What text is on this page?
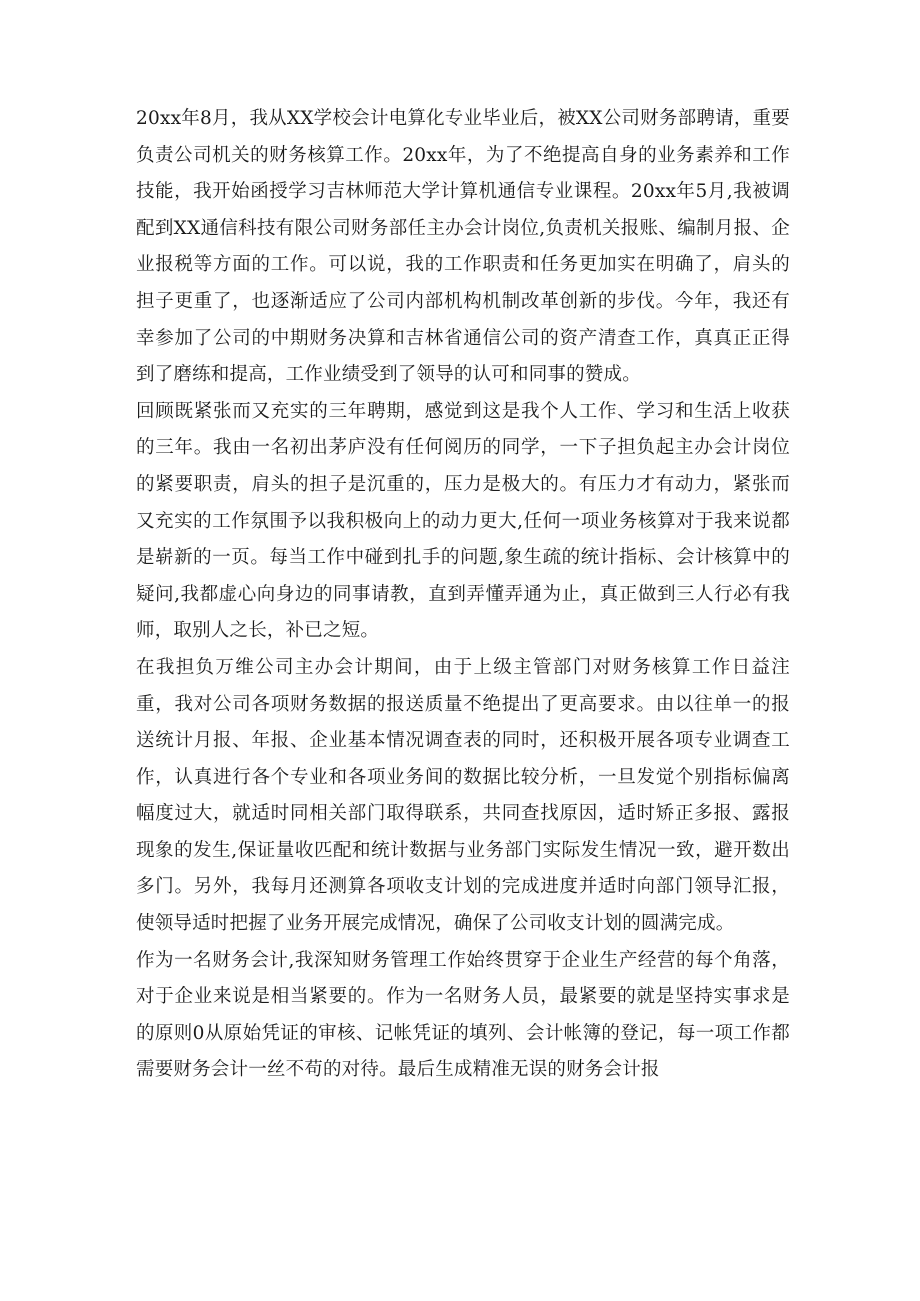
20xx年8月，我从XX学校会计电算化专业毕业后，被XX公司财务部聘请，重要负责公司机关的财务核算工作。20xx年，为了不绝提高自身的业务素养和工作技能，我开始函授学习吉林师范大学计算机通信专业课程。20xx年5月,我被调配到XX通信科技有限公司财务部任主办会计岗位,负责机关报账、编制月报、企业报税等方面的工作。可以说，我的工作职责和任务更加实在明确了，肩头的担子更重了，也逐渐适应了公司内部机构机制改革创新的步伐。今年，我还有幸参加了公司的中期财务决算和吉林省通信公司的资产清查工作，真真正正得到了磨练和提高，工作业绩受到了领导的认可和同事的赞成。

回顾既紧张而又充实的三年聘期，感觉到这是我个人工作、学习和生活上收获的三年。我由一名初出茅庐没有任何阅历的同学，一下子担负起主办会计岗位的紧要职责，肩头的担子是沉重的，压力是极大的。有压力才有动力，紧张而又充实的工作氛围予以我积极向上的动力更大,任何一项业务核算对于我来说都是崭新的一页。每当工作中碰到扎手的问题,象生疏的统计指标、会计核算中的疑问,我都虚心向身边的同事请教，直到弄懂弄通为止，真正做到三人行必有我师，取别人之长，补已之短。

在我担负万维公司主办会计期间，由于上级主管部门对财务核算工作日益注重，我对公司各项财务数据的报送质量不绝提出了更高要求。由以往单一的报送统计月报、年报、企业基本情况调查表的同时，还积极开展各项专业调查工作，认真进行各个专业和各项业务间的数据比较分析，一旦发觉个别指标偏离幅度过大，就适时同相关部门取得联系，共同查找原因，适时矫正多报、露报现象的发生,保证量收匹配和统计数据与业务部门实际发生情况一致，避开数出多门。另外，我每月还测算各项收支计划的完成进度并适时向部门领导汇报，使领导适时把握了业务开展完成情况，确保了公司收支计划的圆满完成。

作为一名财务会计,我深知财务管理工作始终贯穿于企业生产经营的每个角落，对于企业来说是相当紧要的。作为一名财务人员，最紧要的就是坚持实事求是的原则0从原始凭证的审核、记帐凭证的填列、会计帐簿的登记，每一项工作都需要财务会计一丝不苟的对待。最后生成精准无误的财务会计报
